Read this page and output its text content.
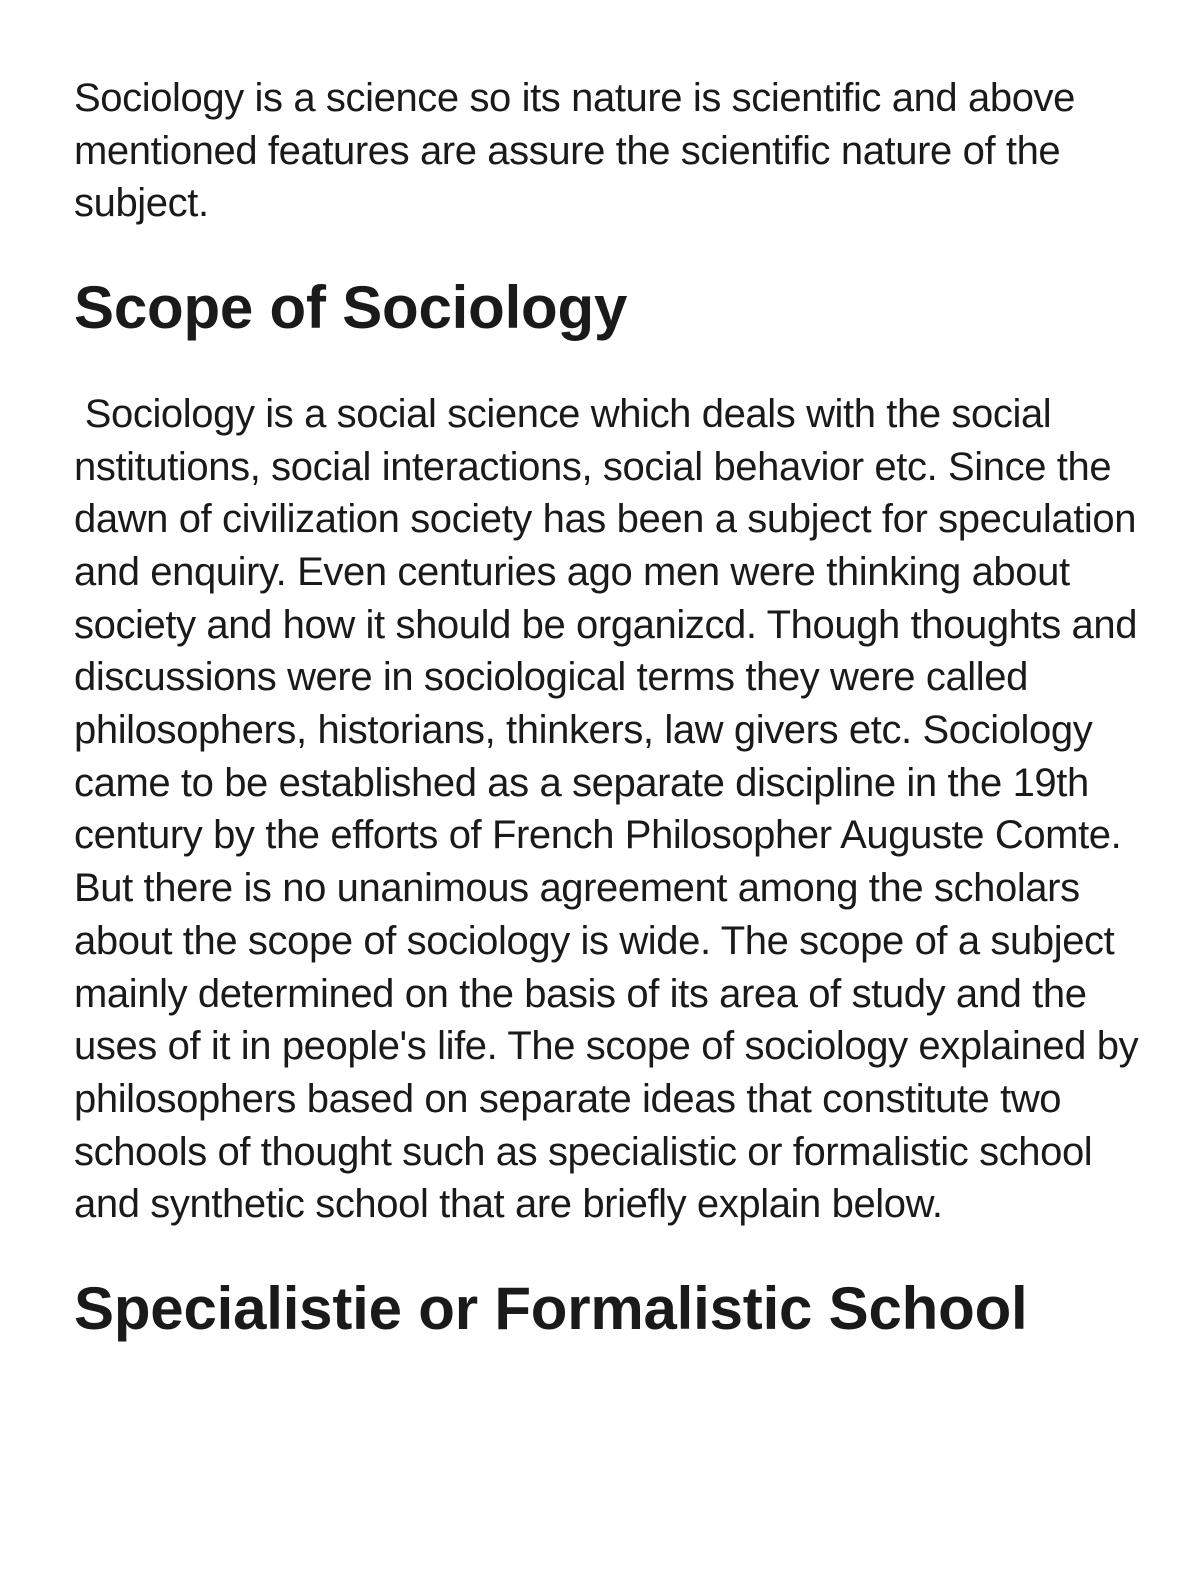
Sociology is a science so its nature is scientific and above mentioned features are assure the scientific nature of the subject.

Scope of Sociology

Sociology is a social science which deals with the social nstitutions, social interactions, social behavior etc. Since the dawn of civilization society has been a subject for speculation and enquiry. Even centuries ago men were thinking about society and how it should be organizcd. Though thoughts and discussions were in sociological terms they were called philosophers, historians, thinkers, law givers etc. Sociology came to be established as a separate discipline in the 19th century by the efforts of French Philosopher Auguste Comte. But there is no unanimous agreement among the scholars about the scope of sociology is wide. The scope of a subject mainly determined on the basis of its area of study and the uses of it in people's life. The scope of sociology explained by philosophers based on separate ideas that constitute two schools of thought such as specialistic or formalistic school and synthetic school that are briefly explain below.

Specialistie or Formalistic School
